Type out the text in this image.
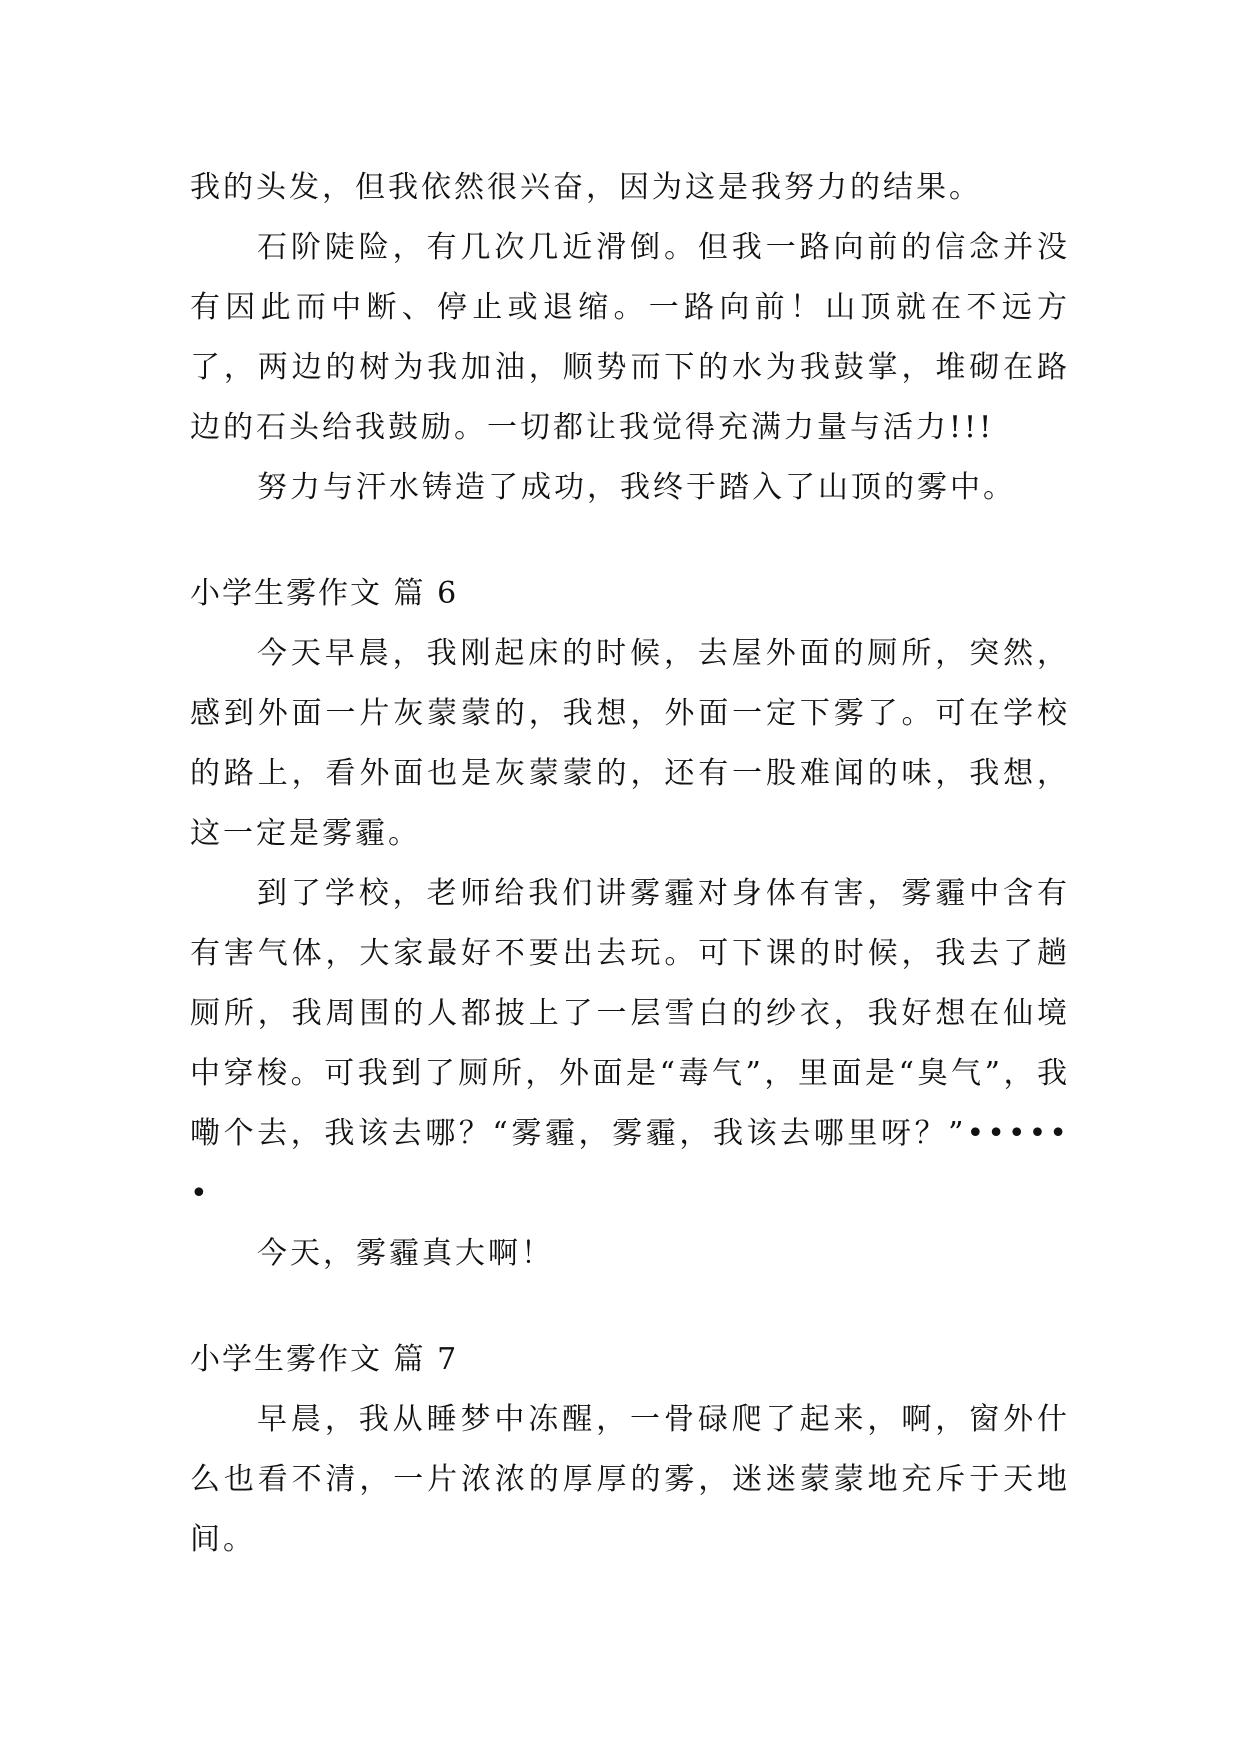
我的头发，但我依然很兴奋，因为这是我努力的结果。

石阶陡险，有几次几近滑倒。但我一路向前的信念并没有因此而中断、停止或退缩。一路向前！山顶就在不远方了，两边的树为我加油，顺势而下的水为我鼓掌，堆砌在路边的石头给我鼓励。一切都让我觉得充满力量与活力!!!

努力与汗水铸造了成功，我终于踏入了山顶的雾中。

小学生雾作文 篇 6

今天早晨，我刚起床的时候，去屋外面的厕所，突然，感到外面一片灰蒙蒙的，我想，外面一定下雾了。可在学校的路上，看外面也是灰蒙蒙的，还有一股难闻的味，我想，这一定是雾霾。

到了学校，老师给我们讲雾霾对身体有害，雾霾中含有有害气体，大家最好不要出去玩。可下课的时候，我去了趟厕所，我周围的人都披上了一层雪白的纱衣，我好想在仙境中穿梭。可我到了厕所，外面是“毒气”，里面是“臭气”，我嘞个去，我该去哪？“雾霾，雾霾，我该去哪里呀？”••••••

今天，雾霾真大啊！

小学生雾作文 篇 7

早晨，我从睡梦中冻醒，一骨碌爬了起来，啊，窗外什么也看不清，一片浓浓的厚厚的雾，迷迷蒙蒙地充斥于天地间。
